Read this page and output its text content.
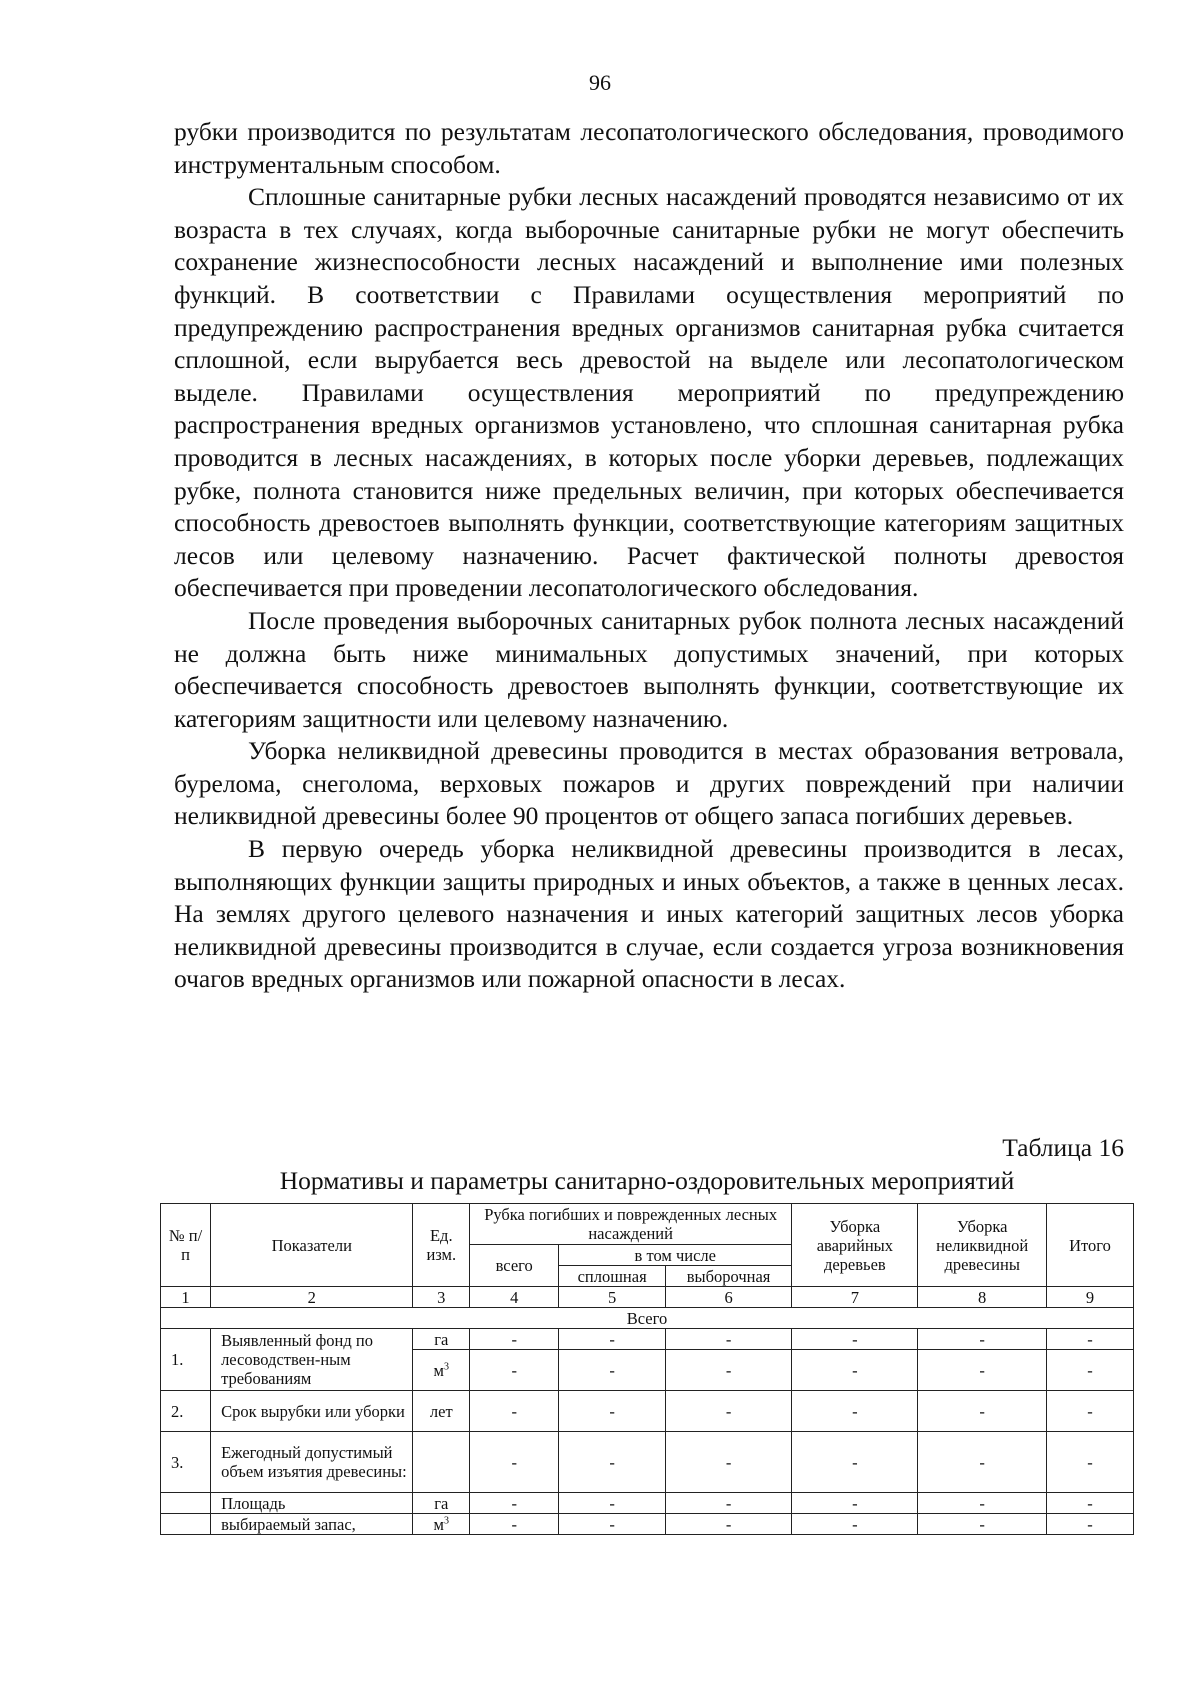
96

рубки производится по результатам лесопатологического обследования, проводимого инструментальным способом.

Сплошные санитарные рубки лесных насаждений проводятся независимо от их возраста в тех случаях, когда выборочные санитарные рубки не могут обеспечить сохранение жизнеспособности лесных насаждений и выполнение ими полезных функций. В соответствии с Правилами осуществления мероприятий по предупреждению распространения вредных организмов санитарная рубка считается сплошной, если вырубается весь древостой на выделе или лесопатологическом выделе. Правилами осуществления мероприятий по предупреждению распространения вредных организмов установлено, что сплошная санитарная рубка проводится в лесных насаждениях, в которых после уборки деревьев, подлежащих рубке, полнота становится ниже предельных величин, при которых обеспечивается способность древостоев выполнять функции, соответствующие категориям защитных лесов или целевому назначению. Расчет фактической полноты древостоя обеспечивается при проведении лесопатологического обследования.

После проведения выборочных санитарных рубок полнота лесных насаждений не должна быть ниже минимальных допустимых значений, при которых обеспечивается способность древостоев выполнять функции, соответствующие их категориям защитности или целевому назначению.

Уборка неликвидной древесины проводится в местах образования ветровала, бурелома, снеголома, верховых пожаров и других повреждений при наличии неликвидной древесины более 90 процентов от общего запаса погибших деревьев.

В первую очередь уборка неликвидной древесины производится в лесах, выполняющих функции защиты природных и иных объектов, а также в ценных лесах. На землях другого целевого назначения и иных категорий защитных лесов уборка неликвидной древесины производится в случае, если создается угроза возникновения очагов вредных организмов или пожарной опасности в лесах.

Таблица 16
Нормативы и параметры санитарно-оздоровительных мероприятий
№ п/п	Показатели	Ед. изм.	Рубка погибших и поврежденных лесных насаждений			Уборка аварийных деревьев	Уборка неликвидной древесины	Итого
			всего	в том числе				
				сплошная	выборочная			
1	2	3	4	5	6	7	8	9
Всего								
1.	Выявленный фонд по лесоводствен-ным требованиям	га	-	-	-	-	-	-
		$м^3$	-	-	-	-	-	-
2.	Срок вырубки или уборки	лет	-	-	-	-	-	-
3.	Ежегодный допустимый объем изъятия древесины:		-	-	-	-	-	-
	Площадь	га	-	-	-	-	-	-
	выбираемый запас,	$м^3$	-	-	-	-	-	-
